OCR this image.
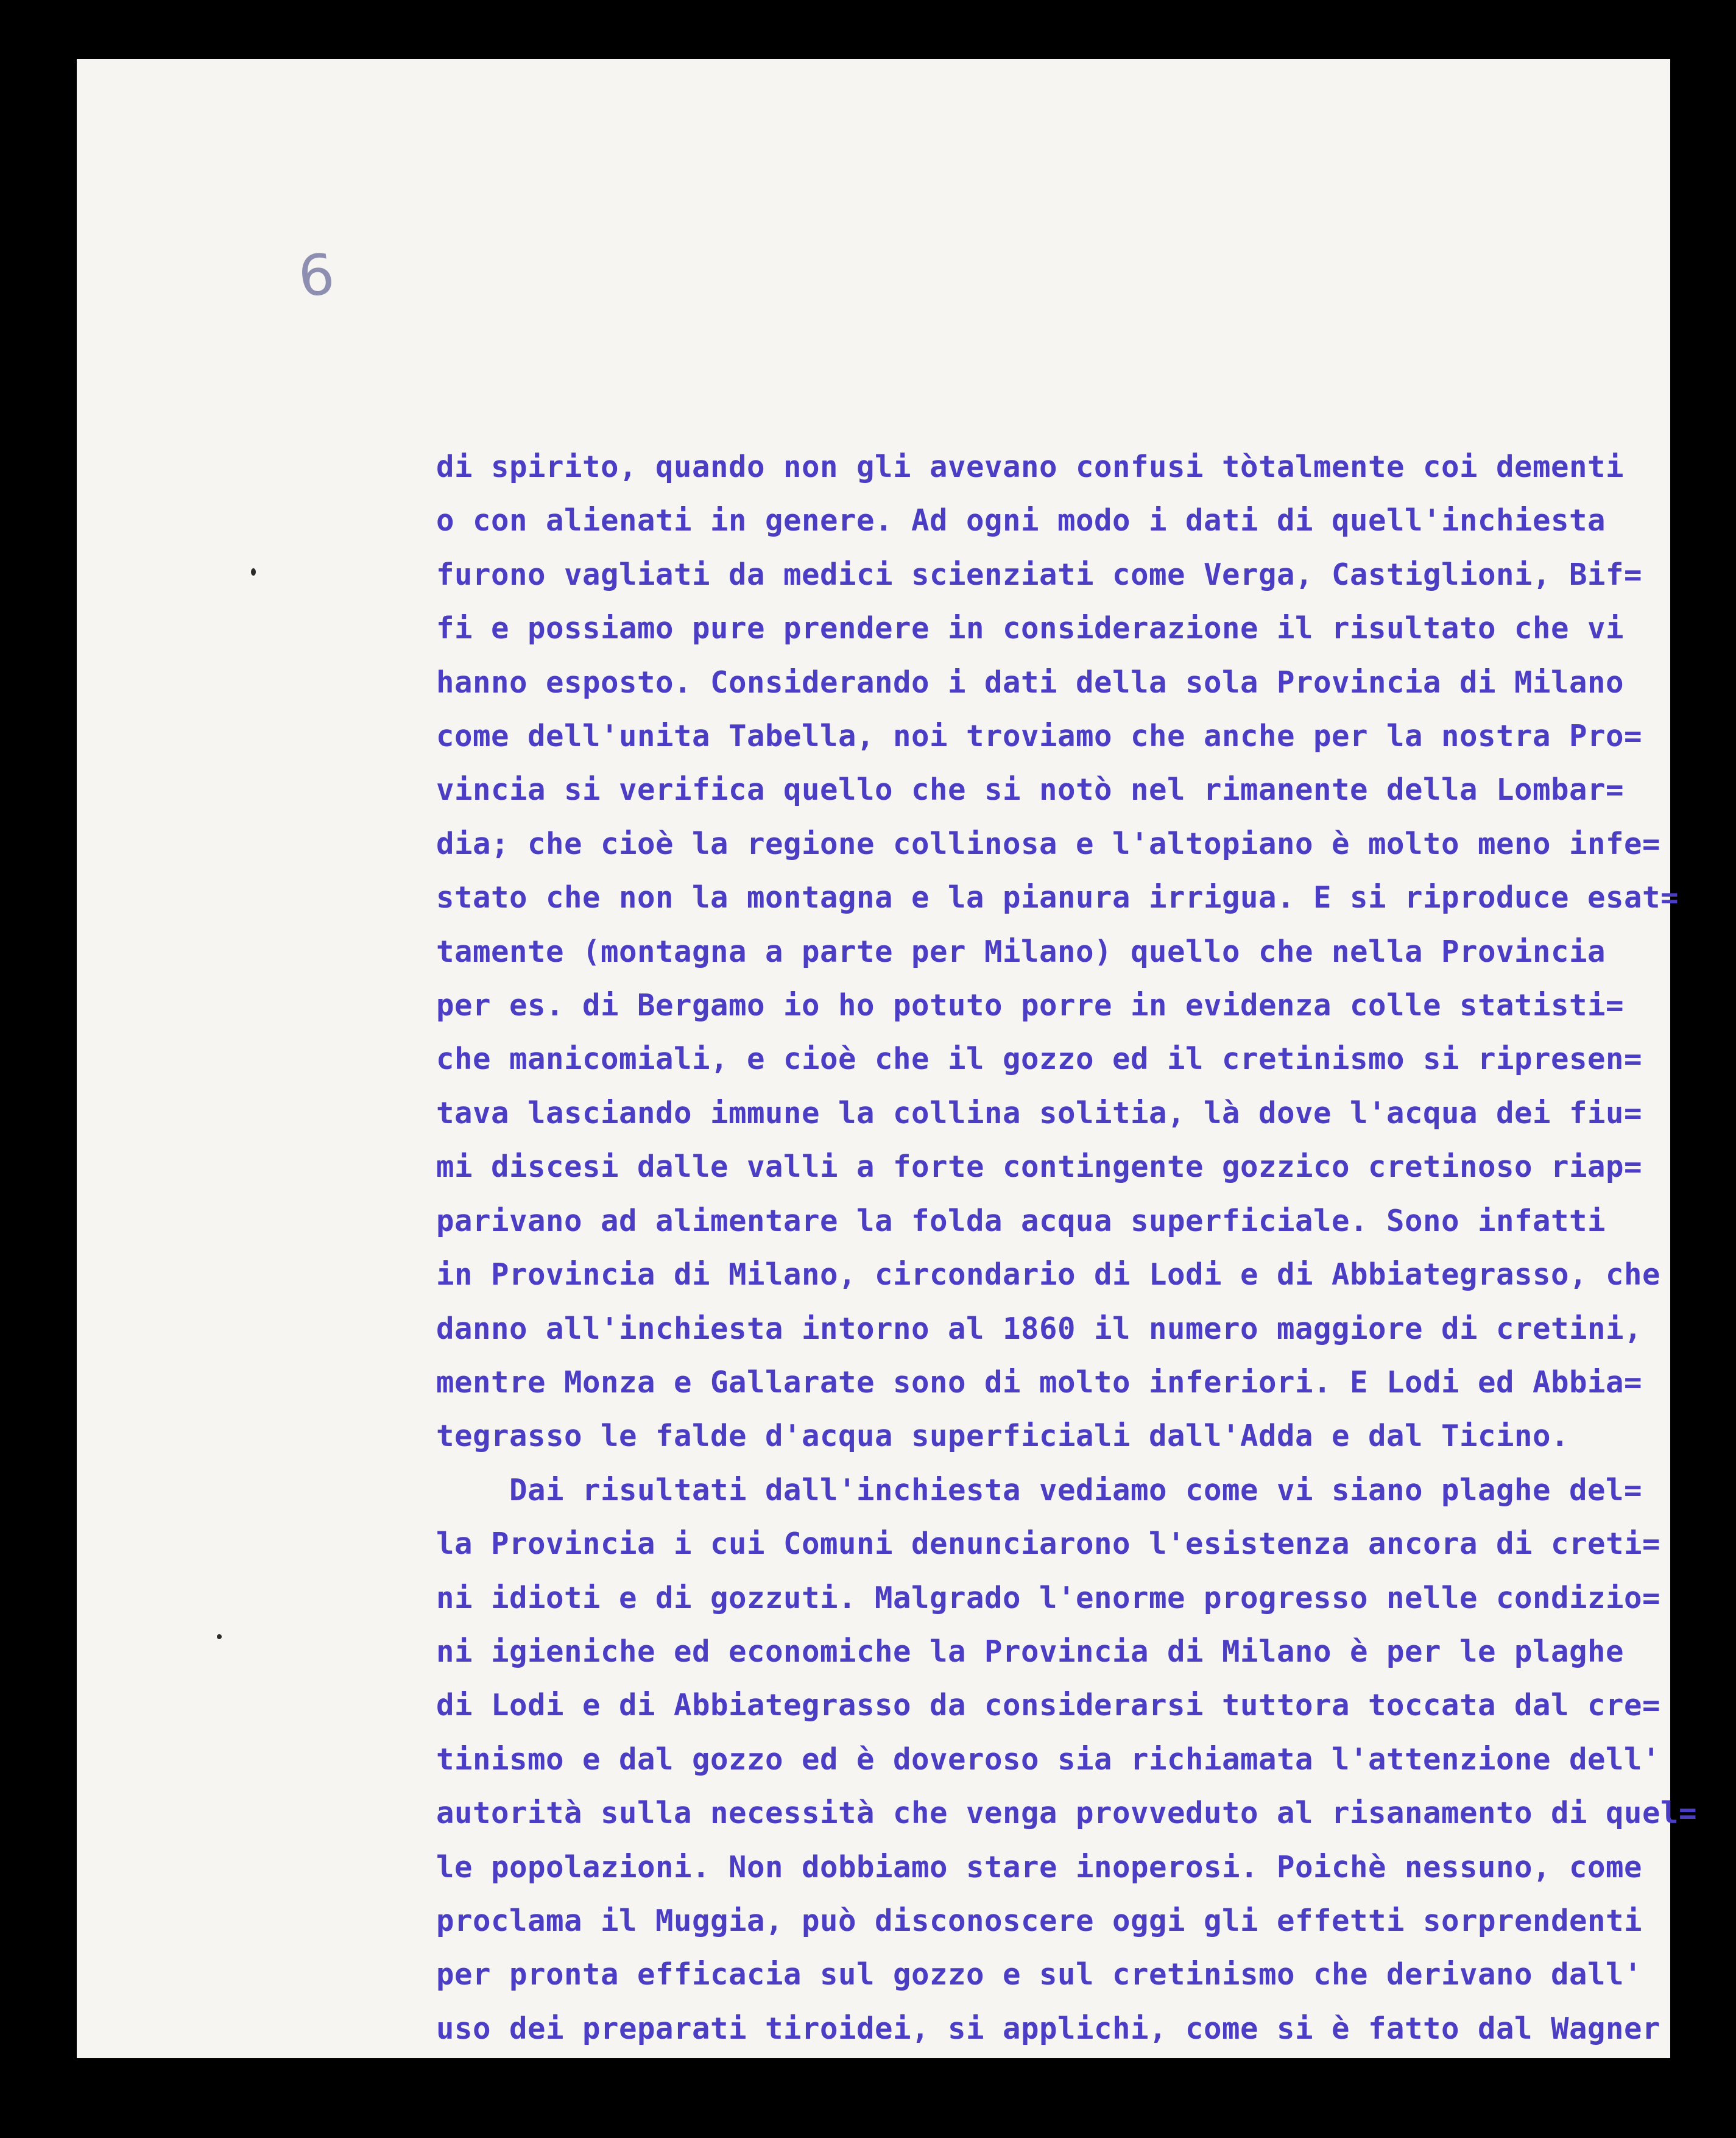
6
di spirito, quando non gli avevano confusi tòtalmente coi dementi
o con alienati in genere. Ad ogni modo i dati di quell'inchiesta
furono vagliati da medici scienziati come Verga, Castiglioni, Bif=
fi e possiamo pure prendere in considerazione il risultato che vi
hanno esposto. Considerando i dati della sola Provincia di Milano
come dell'unita Tabella, noi troviamo che anche per la nostra Pro=
vincia si verifica quello che si notò nel rimanente della Lombar=
dia; che cioè la regione collinosa e l'altopiano è molto meno infe=
stato che non la montagna e la pianura irrigua. E si riproduce esat=
tamente (montagna a parte per Milano) quello che nella Provincia
per es. di Bergamo io ho potuto porre in evidenza colle statisti=
che manicomiali, e cioè che il gozzo ed il cretinismo si ripresen=
tava lasciando immune la collina solitia, là dove l'acqua dei fiu=
mi discesi dalle valli a forte contingente gozzico cretinoso riap=
parivano ad alimentare la folda acqua superficiale. Sono infatti
in Provincia di Milano, circondario di Lodi e di Abbiategrasso, che
danno all'inchiesta intorno al 1860 il numero maggiore di cretini,
mentre Monza e Gallarate sono di molto inferiori. E Lodi ed Abbia=
tegrasso le falde d'acqua superficiali dall'Adda e dal Ticino.
Dai risultati dall'inchiesta vediamo come vi siano plaghe del=
la Provincia i cui Comuni denunciarono l'esistenza ancora di creti=
ni idioti e di gozzuti. Malgrado l'enorme progresso nelle condizio=
ni igieniche ed economiche la Provincia di Milano è per le plaghe
di Lodi e di Abbiategrasso da considerarsi tuttora toccata dal cre=
tinismo e dal gozzo ed è doveroso sia richiamata l'attenzione dell'
autorità sulla necessità che venga provveduto al risanamento di quel=
le popolazioni. Non dobbiamo stare inoperosi. Poichè nessuno, come
proclama il Muggia, può disconoscere oggi gli effetti sorprendenti
per pronta efficacia sul gozzo e sul cretinismo che derivano dall'
uso dei preparati tiroidei, si applichi, come si è fatto dal Wagner
